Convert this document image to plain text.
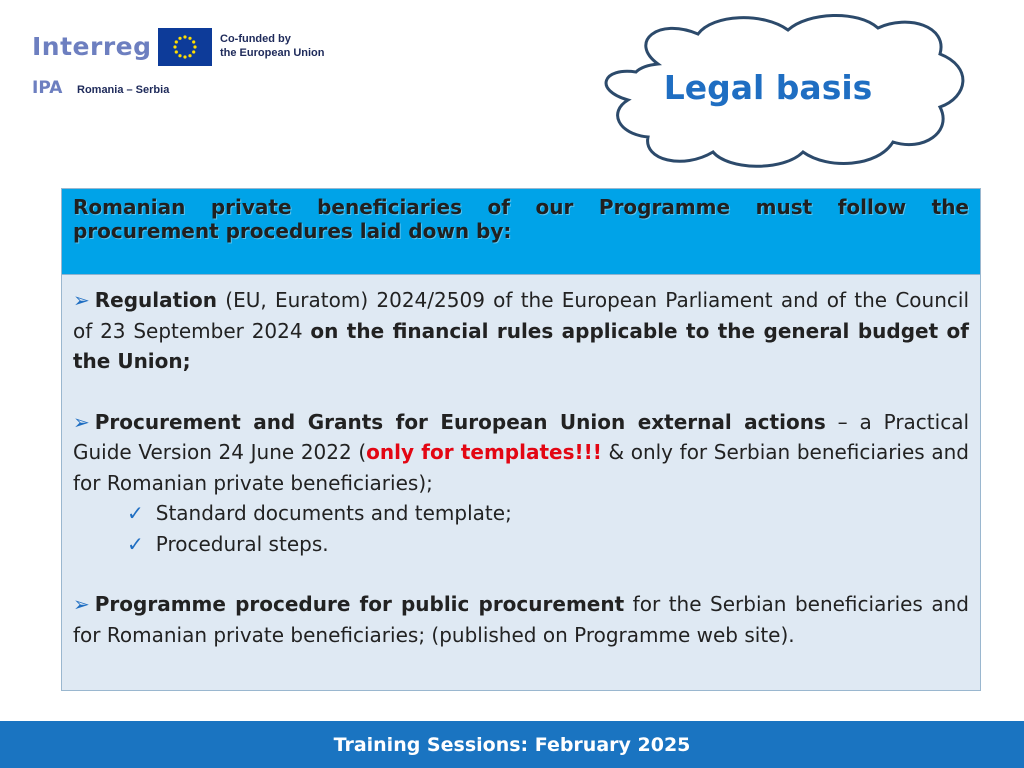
Interreg	Co-funded by
the European Union
IPA Romania – Serbia	Legal basis
Romanian private beneficiaries of our Programme must follow the procurement procedures laid down by:

➢ Regulation (EU, Euratom) 2024/2509 of the European Parliament and of the Council of 23 September 2024 on the financial rules applicable to the general budget of the Union;

➢ Procurement and Grants for European Union external actions – a Practical Guide Version 24 June 2022 (only for templates!!! & only for Serbian beneficiaries and for Romanian private beneficiaries);

✓ Standard documents and template;
✓ Procedural steps.

➢ Programme procedure for public procurement for the Serbian beneficiaries and for Romanian private beneficiaries; (published on Programme web site).

Training Sessions: February 2025
